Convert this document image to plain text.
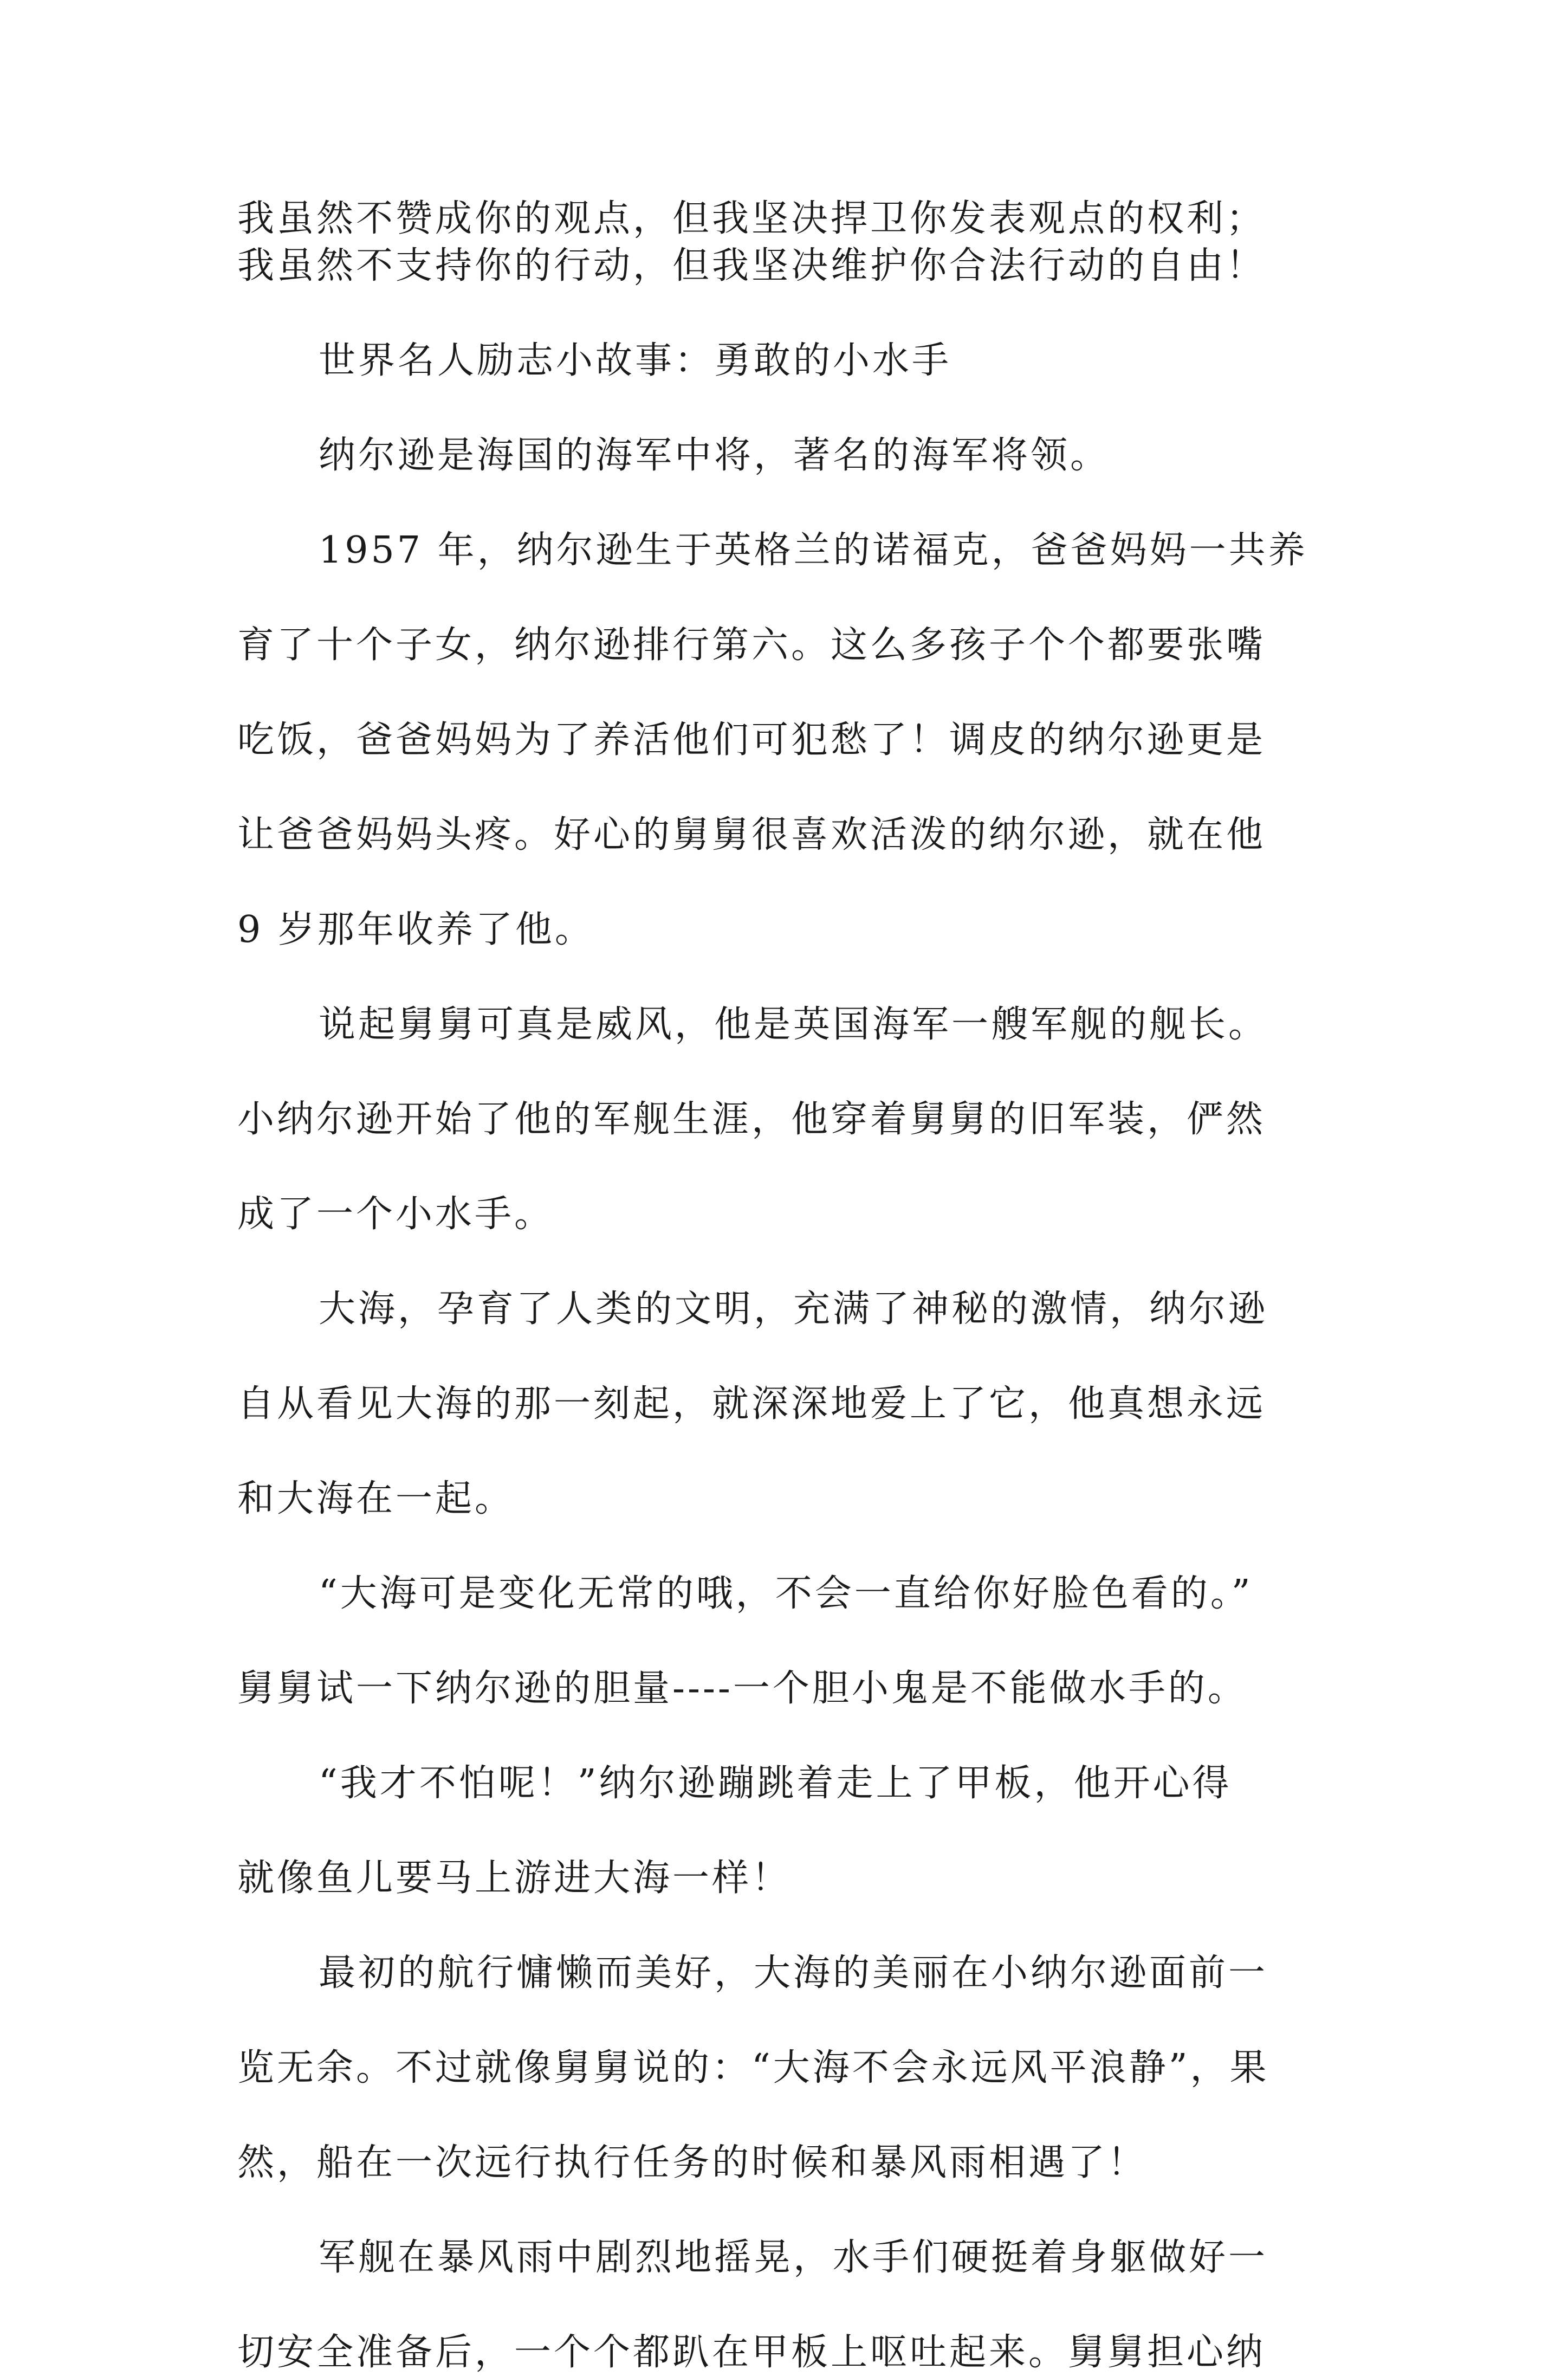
我虽然不赞成你的观点，但我坚决捍卫你发表观点的权利；
我虽然不支持你的行动，但我坚决维护你合法行动的自由！
世界名人励志小故事：勇敢的小水手
纳尔逊是海国的海军中将，著名的海军将领。
1957 年，纳尔逊生于英格兰的诺福克，爸爸妈妈一共养
育了十个子女，纳尔逊排行第六。这么多孩子个个都要张嘴
吃饭，爸爸妈妈为了养活他们可犯愁了！调皮的纳尔逊更是
让爸爸妈妈头疼。好心的舅舅很喜欢活泼的纳尔逊，就在他
9 岁那年收养了他。
说起舅舅可真是威风，他是英国海军一艘军舰的舰长。
小纳尔逊开始了他的军舰生涯，他穿着舅舅的旧军装，俨然
成了一个小水手。
大海，孕育了人类的文明，充满了神秘的激情，纳尔逊
自从看见大海的那一刻起，就深深地爱上了它，他真想永远
和大海在一起。
“大海可是变化无常的哦，不会一直给你好脸色看的。”
舅舅试一下纳尔逊的胆量----一个胆小鬼是不能做水手的。
“我才不怕呢！”纳尔逊蹦跳着走上了甲板，他开心得
就像鱼儿要马上游进大海一样！
最初的航行慵懒而美好，大海的美丽在小纳尔逊面前一
览无余。不过就像舅舅说的：“大海不会永远风平浪静”，果
然，船在一次远行执行任务的时候和暴风雨相遇了！
军舰在暴风雨中剧烈地摇晃，水手们硬挺着身躯做好一
切安全准备后，一个个都趴在甲板上呕吐起来。舅舅担心纳
